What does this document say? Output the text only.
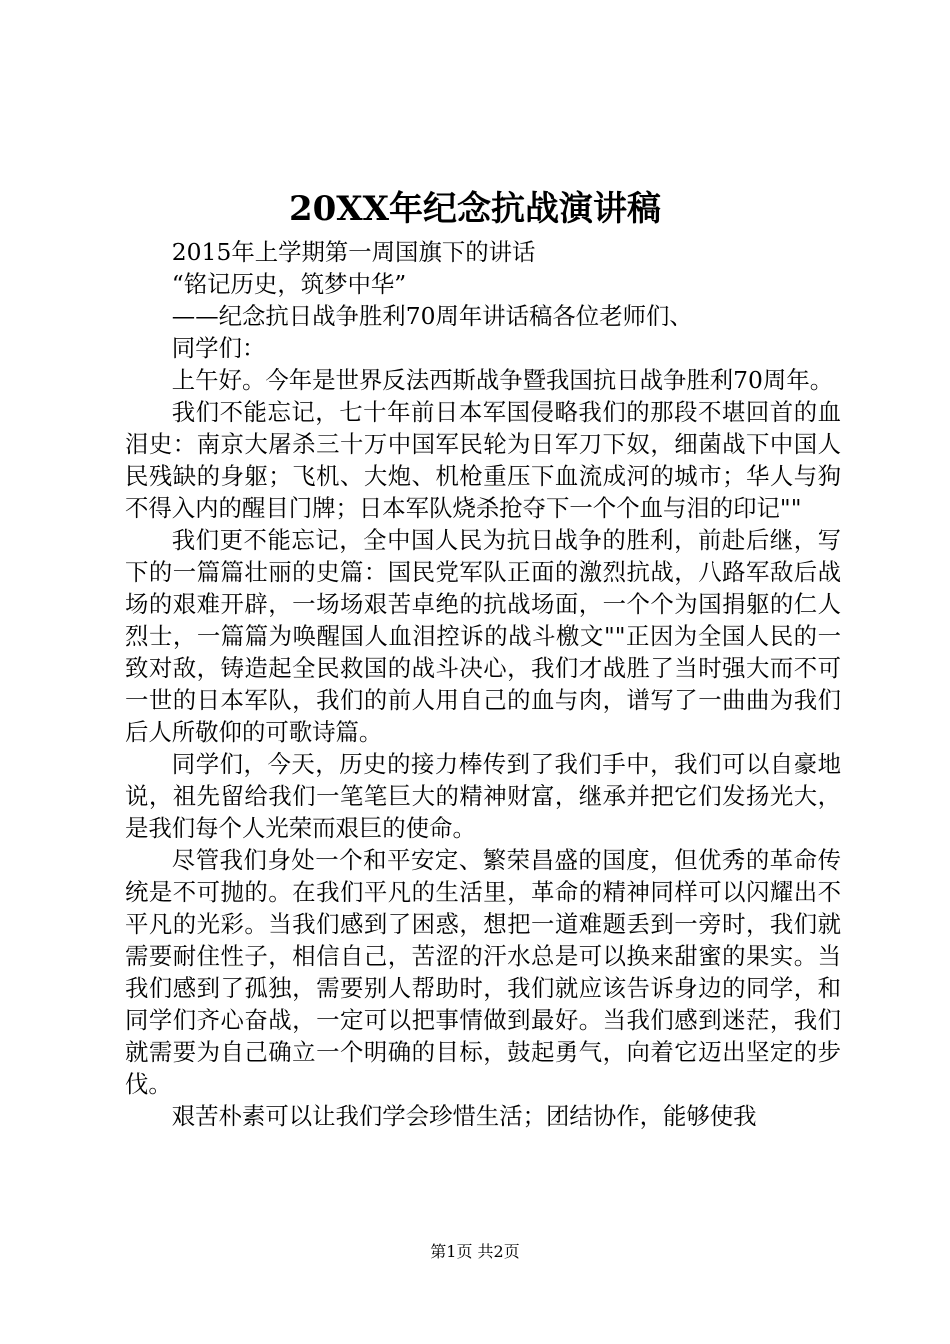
20XX年纪念抗战演讲稿

2015年上学期第一周国旗下的讲话

“铭记历史，筑梦中华”

——纪念抗日战争胜利70周年讲话稿各位老师们、

同学们：

上午好。今年是世界反法西斯战争暨我国抗日战争胜利70周年。

我们不能忘记，七十年前日本军国侵略我们的那段不堪回首的血泪史：南京大屠杀三十万中国军民轮为日军刀下奴，细菌战下中国人民残缺的身躯；飞机、大炮、机枪重压下血流成河的城市；华人与狗不得入内的醒目门牌；日本军队烧杀抢夺下一个个血与泪的印记""

我们更不能忘记，全中国人民为抗日战争的胜利，前赴后继，写下的一篇篇壮丽的史篇：国民党军队正面的激烈抗战，八路军敌后战场的艰难开辟，一场场艰苦卓绝的抗战场面，一个个为国捐躯的仁人烈士，一篇篇为唤醒国人血泪控诉的战斗檄文""正因为全国人民的一致对敌，铸造起全民救国的战斗决心，我们才战胜了当时强大而不可一世的日本军队，我们的前人用自己的血与肉，谱写了一曲曲为我们后人所敬仰的可歌诗篇。

同学们，今天，历史的接力棒传到了我们手中，我们可以自豪地说，祖先留给我们一笔笔巨大的精神财富，继承并把它们发扬光大，是我们每个人光荣而艰巨的使命。

尽管我们身处一个和平安定、繁荣昌盛的国度，但优秀的革命传统是不可抛的。在我们平凡的生活里，革命的精神同样可以闪耀出不平凡的光彩。当我们感到了困惑，想把一道难题丢到一旁时，我们就需要耐住性子，相信自己，苦涩的汗水总是可以换来甜蜜的果实。当我们感到了孤独，需要别人帮助时，我们就应该告诉身边的同学，和同学们齐心奋战，一定可以把事情做到最好。当我们感到迷茫，我们就需要为自己确立一个明确的目标，鼓起勇气，向着它迈出坚定的步伐。

艰苦朴素可以让我们学会珍惜生活；团结协作，能够使我

第1页 共2页
